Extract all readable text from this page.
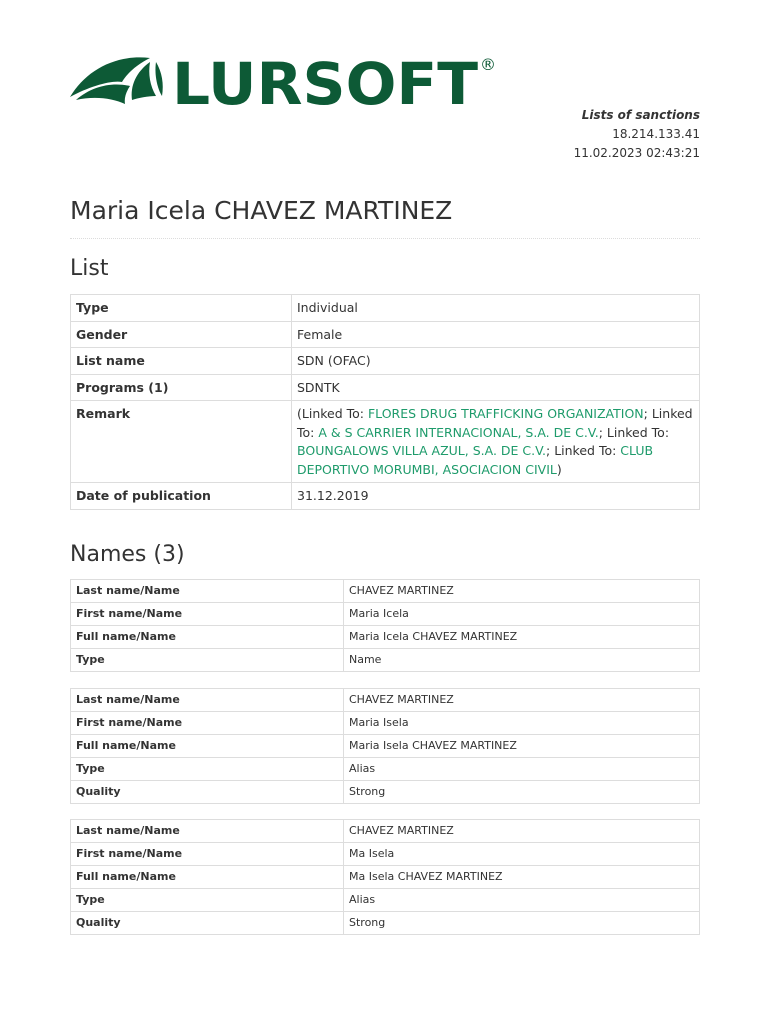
LURSOFT ®
Lists of sanctions
18.214.133.41
11.02.2023 02:43:21
Maria Icela CHAVEZ MARTINEZ
List
Type	Individual
Gender	Female
List name	SDN (OFAC)
Programs (1)	SDNTK
Remark	(Linked To: FLORES DRUG TRAFFICKING ORGANIZATION; Linked To: A & S CARRIER INTERNACIONAL, S.A. DE C.V.; Linked To: BOUNGALOWS VILLA AZUL, S.A. DE C.V.; Linked To: CLUB DEPORTIVO MORUMBI, ASOCIACION CIVIL)
Date of publication	31.12.2019
Names (3)
Last name/Name	CHAVEZ MARTINEZ
First name/Name	Maria Icela
Full name/Name	Maria Icela CHAVEZ MARTINEZ
Type	Name
Last name/Name	CHAVEZ MARTINEZ
First name/Name	Maria Isela
Full name/Name	Maria Isela CHAVEZ MARTINEZ
Type	Alias
Quality	Strong
Last name/Name	CHAVEZ MARTINEZ
First name/Name	Ma Isela
Full name/Name	Ma Isela CHAVEZ MARTINEZ
Type	Alias
Quality	Strong
